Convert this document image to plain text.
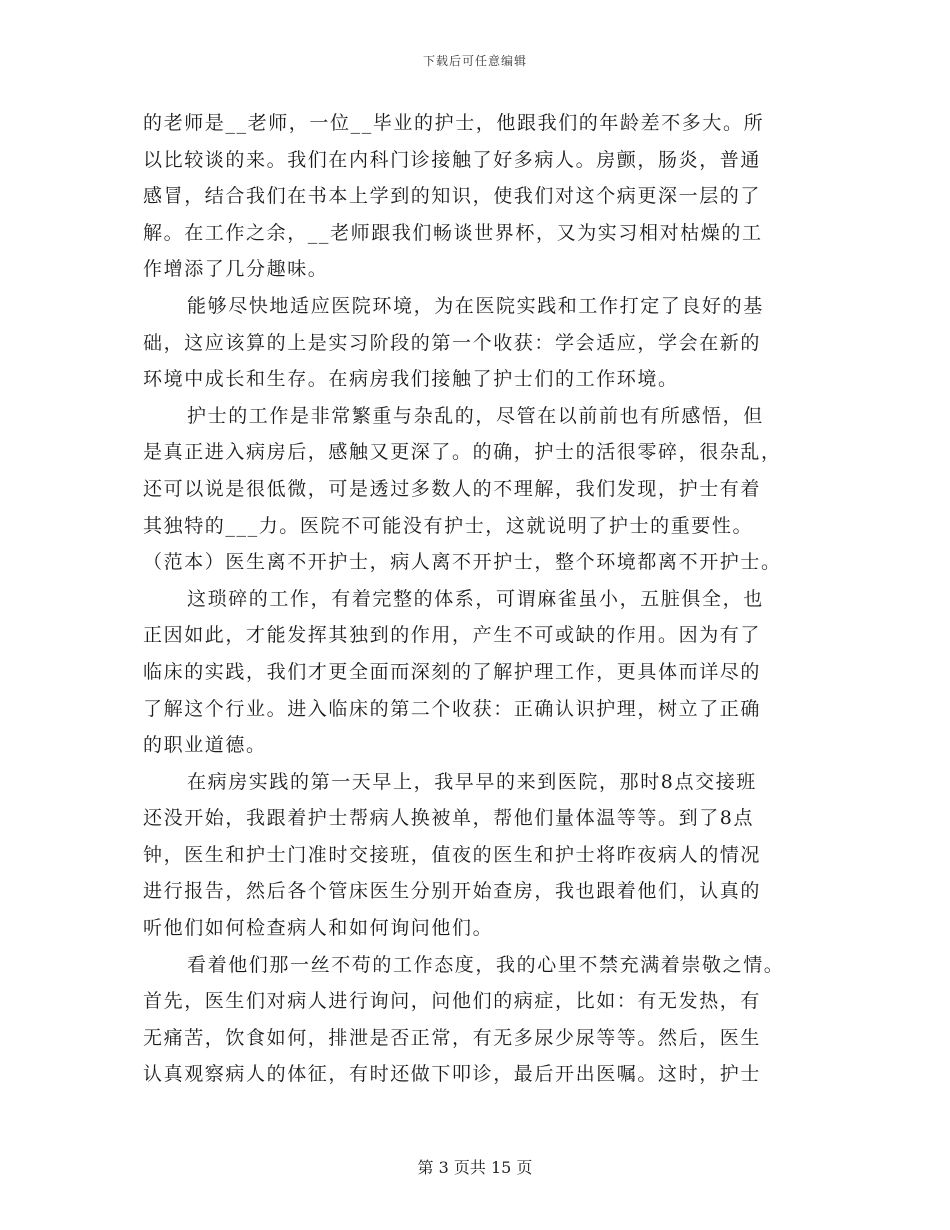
下载后可任意编辑
的老师是__老师，一位__毕业的护士，他跟我们的年龄差不多大。所
以比较谈的来。我们在内科门诊接触了好多病人。房颤，肠炎，普通
感冒，结合我们在书本上学到的知识，使我们对这个病更深一层的了
解。在工作之余，__老师跟我们畅谈世界杯，又为实习相对枯燥的工
作增添了几分趣味。
能够尽快地适应医院环境，为在医院实践和工作打定了良好的基
础，这应该算的上是实习阶段的第一个收获：学会适应，学会在新的
环境中成长和生存。在病房我们接触了护士们的工作环境。
护士的工作是非常繁重与杂乱的，尽管在以前前也有所感悟，但
是真正进入病房后，感触又更深了。的确，护士的活很零碎，很杂乱，
还可以说是很低微，可是透过多数人的不理解，我们发现，护士有着
其独特的___力。医院不可能没有护士，这就说明了护士的重要性。
（范本）医生离不开护士，病人离不开护士，整个环境都离不开护士。
这琐碎的工作，有着完整的体系，可谓麻雀虽小，五脏俱全，也
正因如此，才能发挥其独到的作用，产生不可或缺的作用。因为有了
临床的实践，我们才更全面而深刻的了解护理工作，更具体而详尽的
了解这个行业。进入临床的第二个收获：正确认识护理，树立了正确
的职业道德。
在病房实践的第一天早上，我早早的来到医院，那时8点交接班
还没开始，我跟着护士帮病人换被单，帮他们量体温等等。到了8点
钟，医生和护士门准时交接班，值夜的医生和护士将昨夜病人的情况
进行报告，然后各个管床医生分别开始查房，我也跟着他们，认真的
听他们如何检查病人和如何询问他们。
看着他们那一丝不苟的工作态度，我的心里不禁充满着崇敬之情。
首先，医生们对病人进行询问，问他们的病症，比如：有无发热，有
无痛苦，饮食如何，排泄是否正常，有无多尿少尿等等。然后，医生
认真观察病人的体征，有时还做下叩诊，最后开出医嘱。这时，护士
第 3 页共 15 页
